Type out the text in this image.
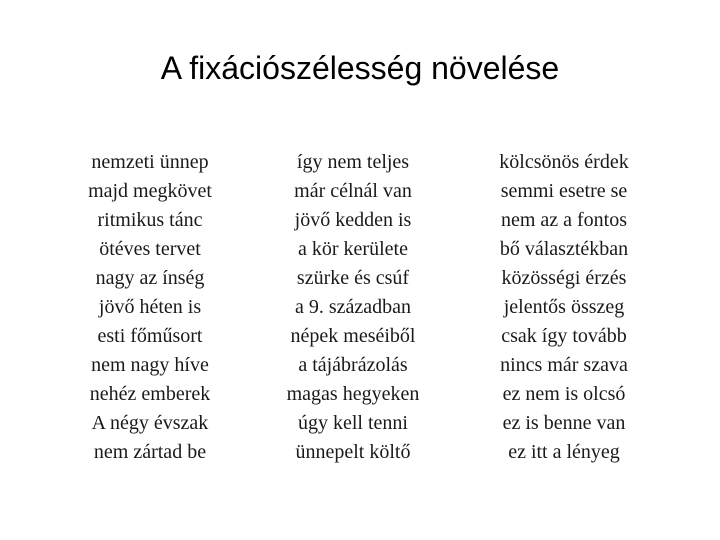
A fixációszélesség növelése
nemzeti ünnep
majd megkövet
ritmikus tánc
ötéves tervet
nagy az ínség
jövő héten is
esti főműsort
nem nagy híve
nehéz emberek
A négy évszak
nem zártad be
így nem teljes
már célnál van
jövő kedden is
a kör kerülete
szürke és csúf
a 9. században
népek meséiből
a tájábrázolás
magas hegyeken
úgy kell tenni
ünnepelt költő
kölcsönös érdek
semmi esetre se
nem az a fontos
bő választékban
közösségi érzés
jelentős összeg
csak így tovább
nincs már szava
ez nem is olcsó
ez is benne van
ez itt a lényeg
